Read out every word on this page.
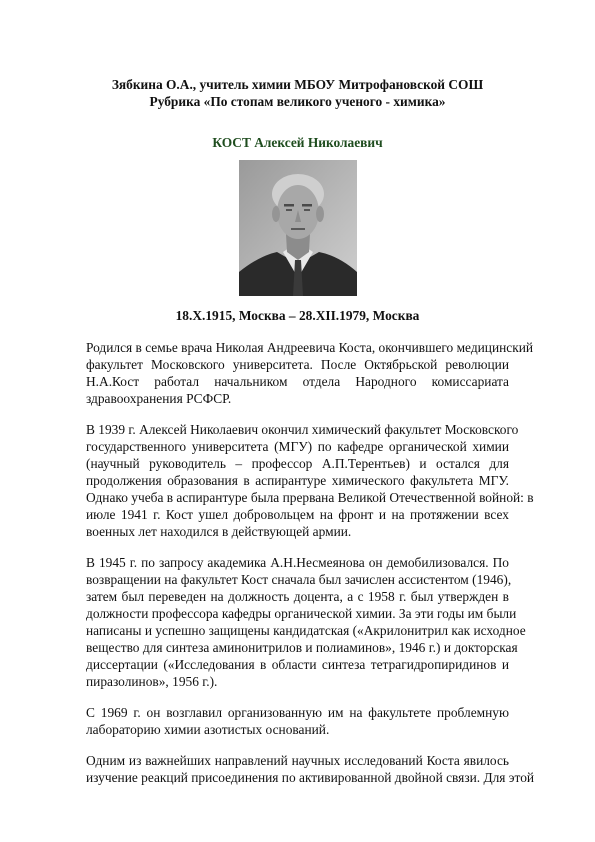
Зябкина О.А., учитель химии МБОУ Митрофановской СОШ
Рубрика «По стопам великого ученого - химика»
КОСТ Алексей Николаевич
18.X.1915, Москва – 28.XII.1979, Москва
Родился в семье врача Николая Андреевича Коста, окончившего медицинский
факультет Московского университета. После Октябрьской революции
Н.А.Кост работал начальником отдела Народного комиссариата
здравоохранения РСФСР.
В 1939 г. Алексей Николаевич окончил химический факультет Московского
государственного университета (МГУ) по кафедре органической химии
(научный руководитель – профессор А.П.Терентьев) и остался для
продолжения образования в аспирантуре химического факультета МГУ.
Однако учеба в аспирантуре была прервана Великой Отечественной войной: в
июле 1941 г. Кост ушел добровольцем на фронт и на протяжении всех
военных лет находился в действующей армии.
В 1945 г. по запросу академика А.Н.Несмеянова он демобилизовался. По
возвращении на факультет Кост сначала был зачислен ассистентом (1946),
затем был переведен на должность доцента, а с 1958 г. был утвержден в
должности профессора кафедры органической химии. За эти годы им были
написаны и успешно защищены кандидатская («Акрилонитрил как исходное
вещество для синтеза аминонитрилов и полиаминов», 1946 г.) и докторская
диссертации («Исследования в области синтеза тетрагидропиридинов и
пиразолинов», 1956 г.).
С 1969 г. он возглавил организованную им на факультете проблемную
лабораторию химии азотистых оснований.
Одним из важнейших направлений научных исследований Коста явилось
изучение реакций присоединения по активированной двойной связи. Для этой
